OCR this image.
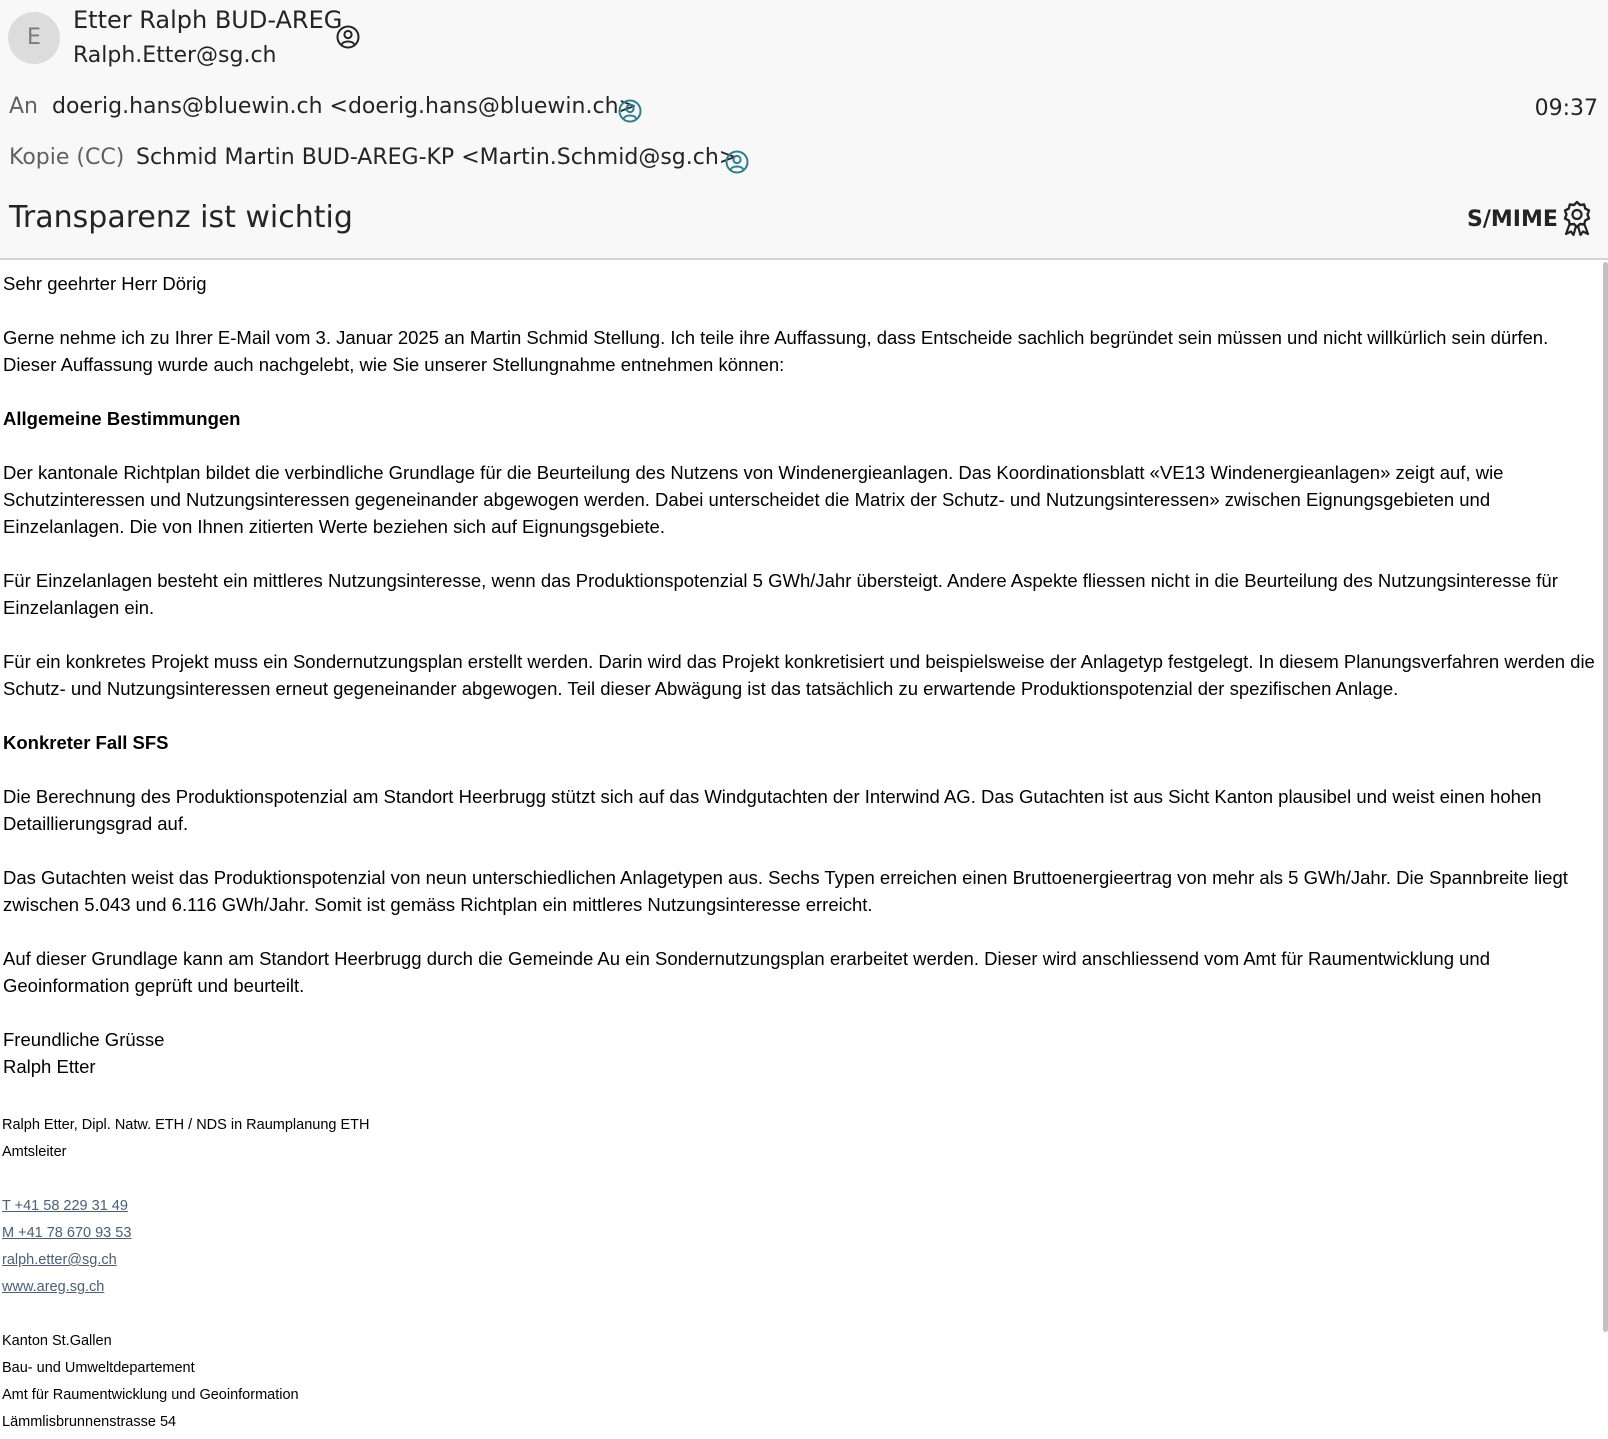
E
Etter Ralph BUD-AREG
Ralph.Etter@sg.ch
An doerig.hans@bluewin.ch <doerig.hans@bluewin.ch>	09:37
Kopie (CC) Schmid Martin BUD-AREG-KP <Martin.Schmid@sg.ch>
Transparenz ist wichtig	S/MIME

Sehr geehrter Herr Dörig

Gerne nehme ich zu Ihrer E-Mail vom 3. Januar 2025 an Martin Schmid Stellung. Ich teile ihre Auffassung, dass Entscheide sachlich begründet sein müssen und nicht willkürlich sein dürfen. Dieser Auffassung wurde auch nachgelebt, wie Sie unserer Stellungnahme entnehmen können:

Allgemeine Bestimmungen

Der kantonale Richtplan bildet die verbindliche Grundlage für die Beurteilung des Nutzens von Windenergieanlagen. Das Koordinationsblatt «VE13 Windenergieanlagen» zeigt auf, wie Schutzinteressen und Nutzungsinteressen gegeneinander abgewogen werden. Dabei unterscheidet die Matrix der Schutz- und Nutzungsinteressen» zwischen Eignungsgebieten und Einzelanlagen. Die von Ihnen zitierten Werte beziehen sich auf Eignungsgebiete.

Für Einzelanlagen besteht ein mittleres Nutzungsinteresse, wenn das Produktionspotenzial 5 GWh/Jahr übersteigt. Andere Aspekte fliessen nicht in die Beurteilung des Nutzungsinteresse für Einzelanlagen ein.

Für ein konkretes Projekt muss ein Sondernutzungsplan erstellt werden. Darin wird das Projekt konkretisiert und beispielsweise der Anlagetyp festgelegt. In diesem Planungsverfahren werden die Schutz- und Nutzungsinteressen erneut gegeneinander abgewogen. Teil dieser Abwägung ist das tatsächlich zu erwartende Produktionspotenzial der spezifischen Anlage.

Konkreter Fall SFS

Die Berechnung des Produktionspotenzial am Standort Heerbrugg stützt sich auf das Windgutachten der Interwind AG. Das Gutachten ist aus Sicht Kanton plausibel und weist einen hohen Detaillierungsgrad auf.

Das Gutachten weist das Produktionspotenzial von neun unterschiedlichen Anlagetypen aus. Sechs Typen erreichen einen Bruttoenergieertrag von mehr als 5 GWh/Jahr. Die Spannbreite liegt zwischen 5.043 und 6.116 GWh/Jahr. Somit ist gemäss Richtplan ein mittleres Nutzungsinteresse erreicht.

Auf dieser Grundlage kann am Standort Heerbrugg durch die Gemeinde Au ein Sondernutzungsplan erarbeitet werden. Dieser wird anschliessend vom Amt für Raumentwicklung und Geoinformation geprüft und beurteilt.

Freundliche Grüsse
Ralph Etter
Ralph Etter, Dipl. Natw. ETH / NDS in Raumplanung ETH
Amtsleiter
T +41 58 229 31 49
M +41 78 670 93 53
ralph.etter@sg.ch
www.areg.sg.ch
Kanton St.Gallen
Bau- und Umweltdepartement
Amt für Raumentwicklung und Geoinformation
Lämmlisbrunnenstrasse 54
